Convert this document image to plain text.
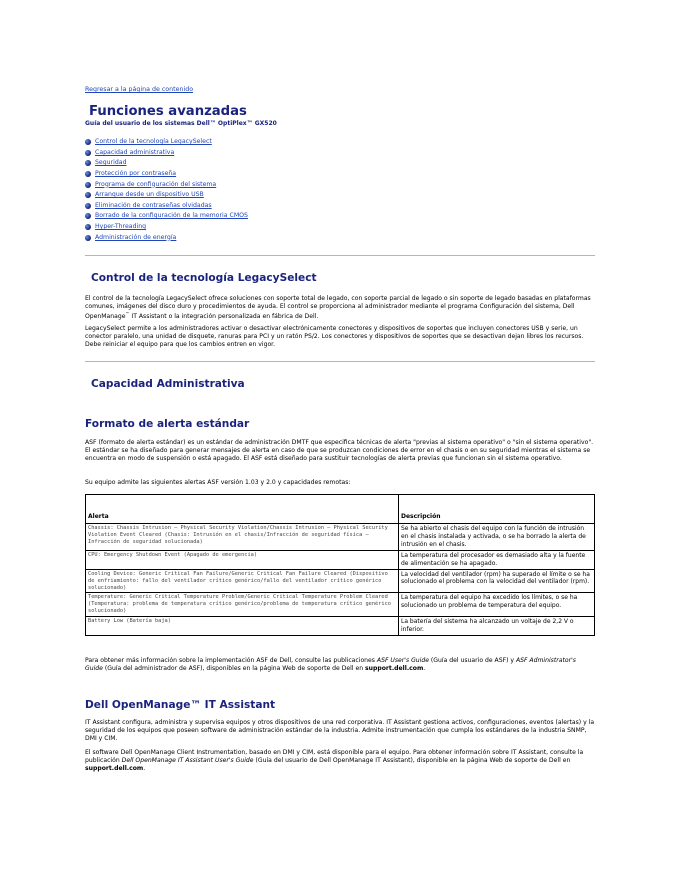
Regresar a la página de contenido
Funciones avanzadas
Guía del usuario de los sistemas Dell™ OptiPlex™ GX520
Control de la tecnología LegacySelect
Capacidad administrativa
Seguridad
Protección por contraseña
Programa de configuración del sistema
Arranque desde un dispositivo USB
Eliminación de contraseñas olvidadas
Borrado de la configuración de la memoria CMOS
Hyper-Threading
Administración de energía
Control de la tecnología LegacySelect

El control de la tecnología LegacySelect ofrece soluciones con soporte total de legado, con soporte parcial de legado o sin soporte de legado basadas en plataformas comunes, imágenes del disco duro y procedimientos de ayuda. El control se proporciona al administrador mediante el programa Configuración del sistema, Dell OpenManage™ IT Assistant o la integración personalizada en fábrica de Dell.

LegacySelect permite a los administradores activar o desactivar electrónicamente conectores y dispositivos de soportes que incluyen conectores USB y serie, un conector paralelo, una unidad de disquete, ranuras para PCI y un ratón PS/2. Los conectores y dispositivos de soportes que se desactivan dejan libres los recursos. Debe reiniciar el equipo para que los cambios entren en vigor.

Capacidad Administrativa
Formato de alerta estándar

ASF (formato de alerta estándar) es un estándar de administración DMTF que especifica técnicas de alerta "previas al sistema operativo" o "sin el sistema operativo". El estándar se ha diseñado para generar mensajes de alerta en caso de que se produzcan condiciones de error en el chasis o en su seguridad mientras el sistema se encuentra en modo de suspensión o está apagado. El ASF está diseñado para sustituir tecnologías de alerta previas que funcionan sin el sistema operativo.

Su equipo admite las siguientes alertas ASF versión 1.03 y 2.0 y capacidades remotas:

Alerta	Descripción
Chassis: Chassis Intrusion – Physical Security Violation/Chassis Intrusion – Physical Security Violation Event Cleared (Chasis: Intrusión en el chasis/Infracción de seguridad física – Infracción de seguridad solucionada)	Se ha abierto el chasis del equipo con la función de intrusión en el chasis instalada y activada, o se ha borrado la alerta de intrusión en el chasis.
CPU: Emergency Shutdown Event (Apagado de emergencia)	La temperatura del procesador es demasiado alta y la fuente de alimentación se ha apagado.
Cooling Device: Generic Critical Fan Failure/Generic Critical Fan Failure Cleared (Dispositivo de enfriamiento: fallo del ventilador crítico genérico/fallo del ventilador crítico genérico solucionado)	La velocidad del ventilador (rpm) ha superado el límite o se ha solucionado el problema con la velocidad del ventilador (rpm).
Temperature: Generic Critical Temperature Problem/Generic Critical Temperature Problem Cleared (Temperatura: problema de temperatura crítico genérico/problema de temperatura crítico genérico solucionado)	La temperatura del equipo ha excedido los límites, o se ha solucionado un problema de temperatura del equipo.
Battery Low (Batería baja)	La batería del sistema ha alcanzado un voltaje de 2,2 V o inferior.

Para obtener más información sobre la implementación ASF de Dell, consulte las publicaciones ASF User's Guide (Guía del usuario de ASF) y ASF Administrator's Guide (Guía del administrador de ASF), disponibles en la página Web de soporte de Dell en support.dell.com.

Dell OpenManage™ IT Assistant

IT Assistant configura, administra y supervisa equipos y otros dispositivos de una red corporativa. IT Assistant gestiona activos, configuraciones, eventos (alertas) y la seguridad de los equipos que poseen software de administración estándar de la industria. Admite instrumentación que cumpla los estándares de la industria SNMP, DMI y CIM.

El software Dell OpenManage Client Instrumentation, basado en DMI y CIM, está disponible para el equipo. Para obtener información sobre IT Assistant, consulte la publicación Dell OpenManage IT Assistant User's Guide (Guía del usuario de Dell OpenManage IT Assistant), disponible en la página Web de soporte de Dell en support.dell.com.
